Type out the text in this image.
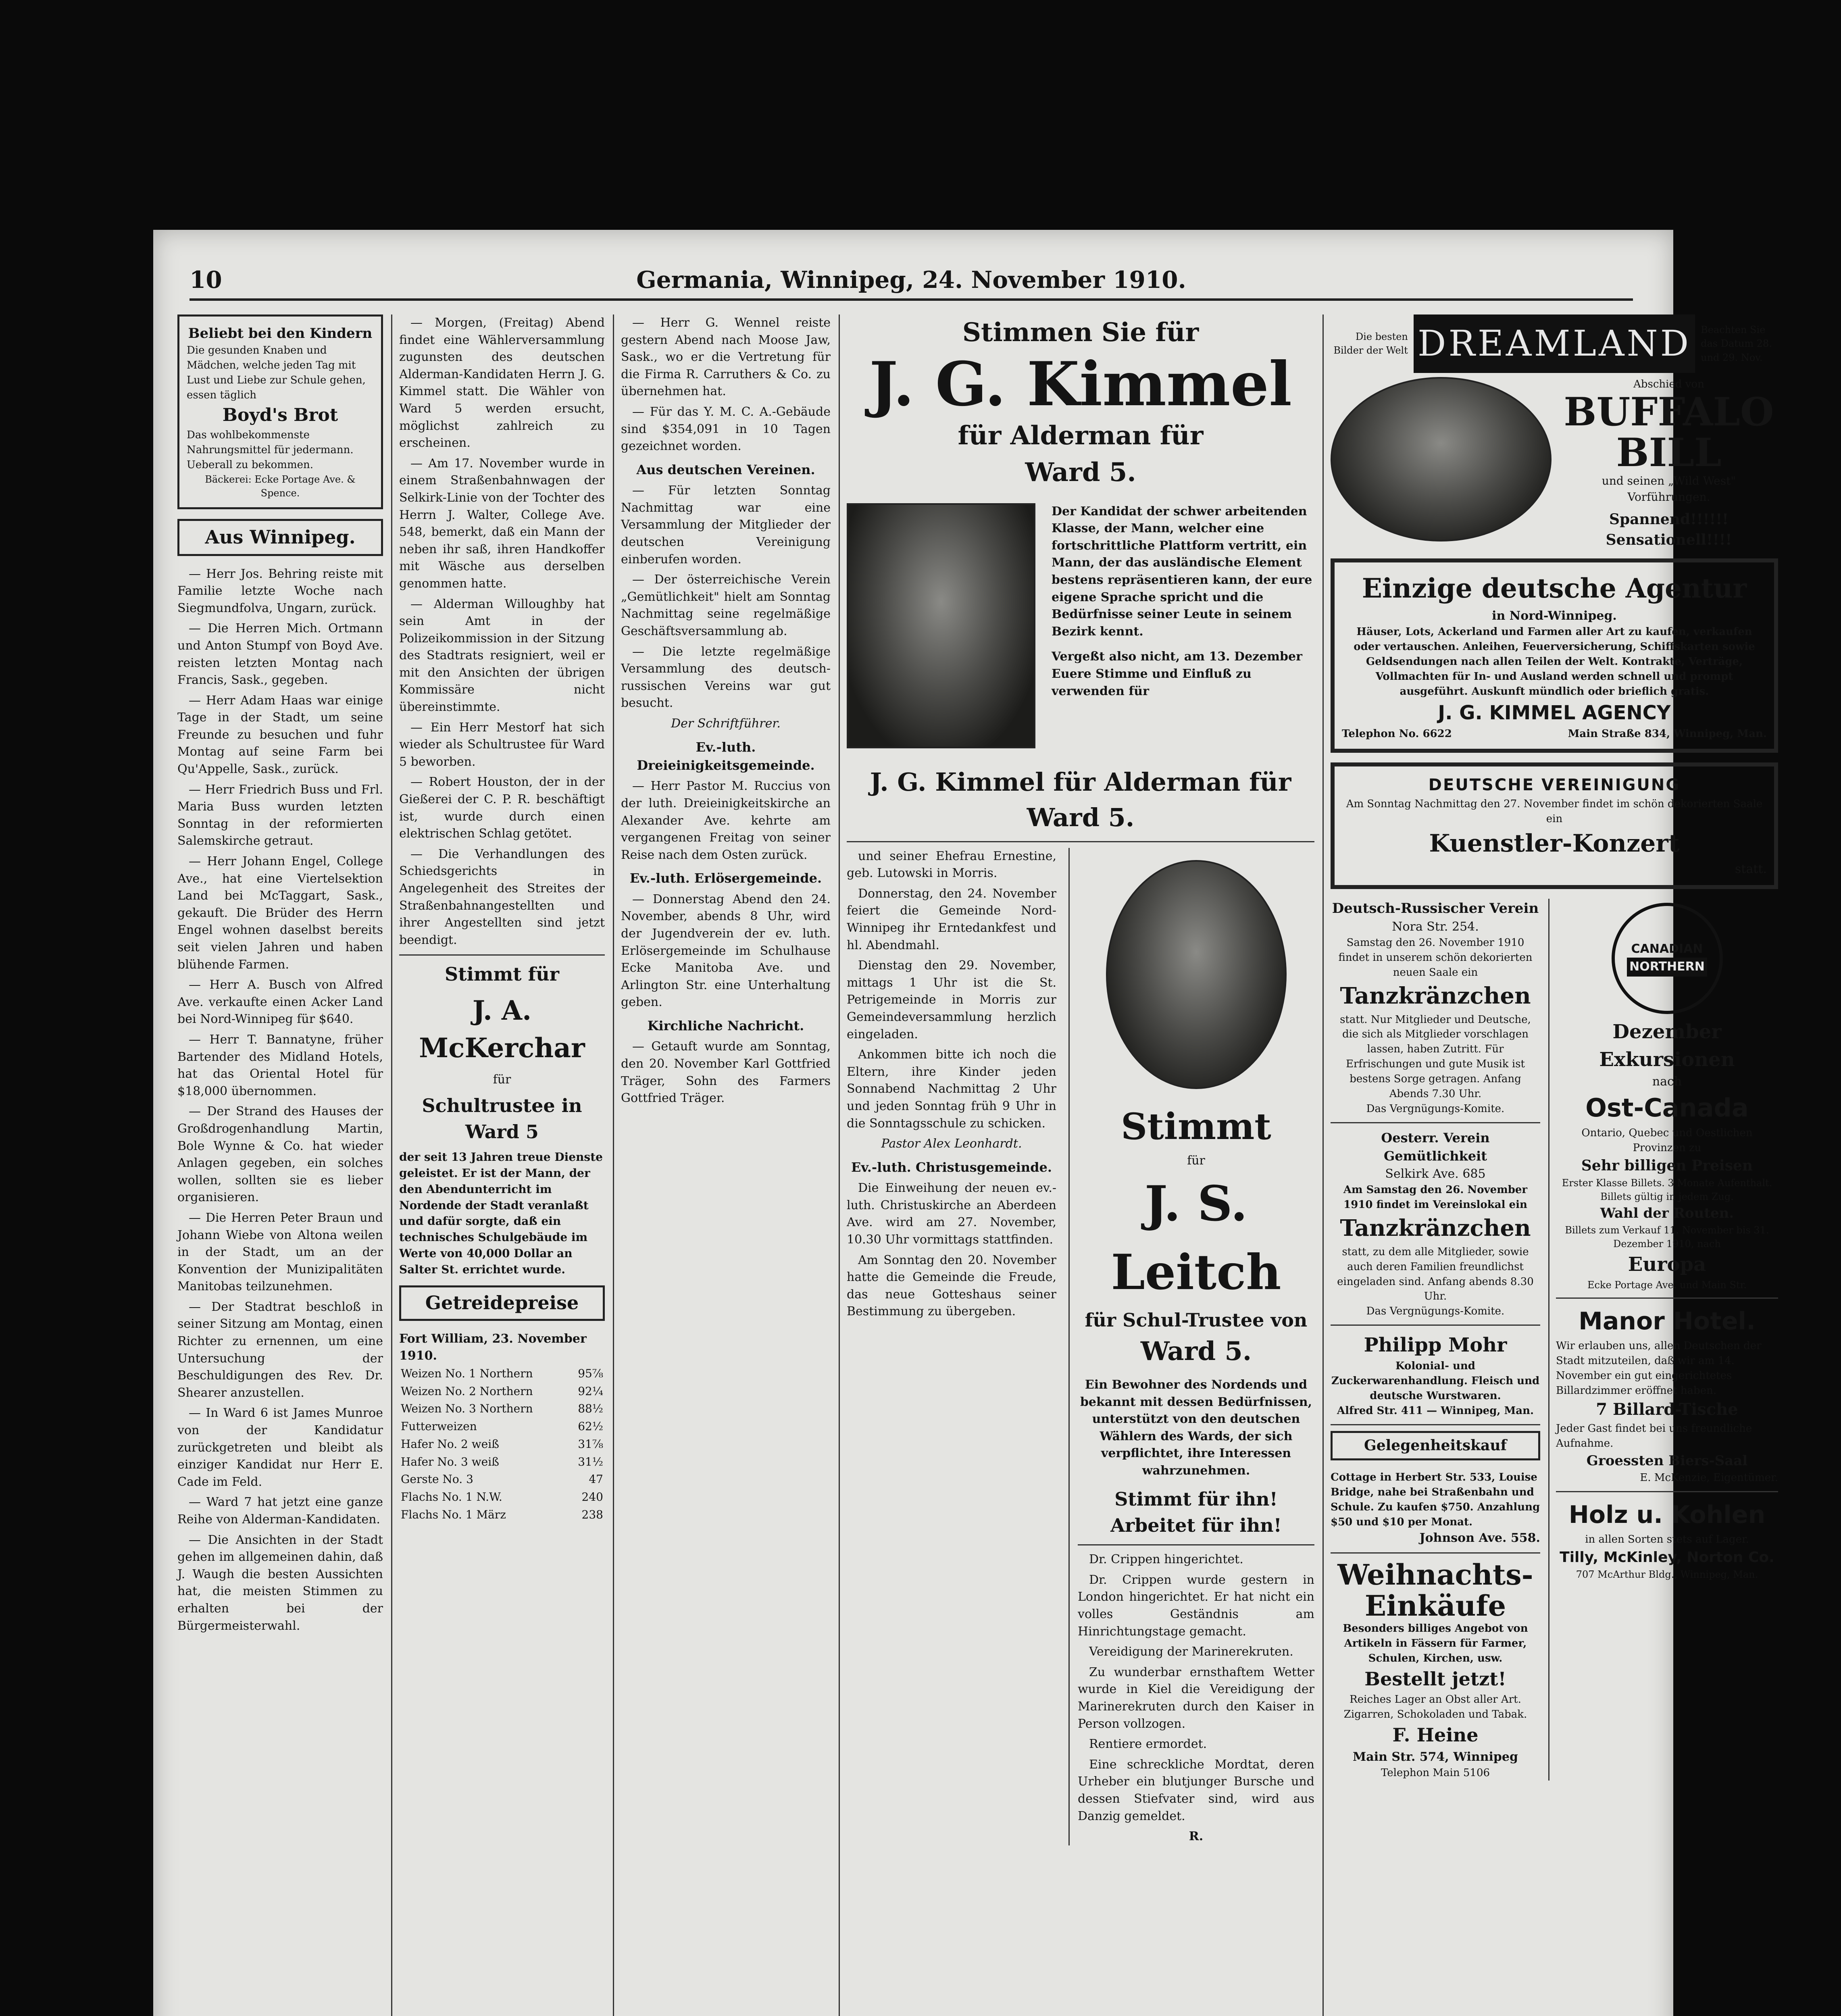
10	Germania, Winnipeg, 24. November 1910.
Beliebt bei den Kindern
Die gesunden Knaben und Mädchen, welche jeden Tag mit Lust und Liebe zur Schule gehen, essen täglich
Boyd's Brot
Das wohlbekommenste Nahrungsmittel für jedermann. Ueberall zu bekommen.
Bäckerei: Ecke Portage Ave. & Spence.
Aus Winnipeg.

— Herr Jos. Behring reiste mit Familie letzte Woche nach Siegmundfolva, Ungarn, zurück.

— Die Herren Mich. Ortmann und Anton Stumpf von Boyd Ave. reisten letzten Montag nach Francis, Sask., gegeben.

— Herr Adam Haas war einige Tage in der Stadt, um seine Freunde zu besuchen und fuhr Montag auf seine Farm bei Qu'Appelle, Sask., zurück.

— Herr Friedrich Buss und Frl. Maria Buss wurden letzten Sonntag in der reformierten Salemskirche getraut.

— Herr Johann Engel, College Ave., hat eine Viertelsektion Land bei McTaggart, Sask., gekauft. Die Brüder des Herrn Engel wohnen daselbst bereits seit vielen Jahren und haben blühende Farmen.

— Herr A. Busch von Alfred Ave. verkaufte einen Acker Land bei Nord-Winnipeg für $640.

— Herr T. Bannatyne, früher Bartender des Midland Hotels, hat das Oriental Hotel für $18,000 übernommen.

— Der Strand des Hauses der Großdrogenhandlung Martin, Bole Wynne & Co. hat wieder Anlagen gegeben, ein solches wollen, sollten sie es lieber organisieren.

— Die Herren Peter Braun und Johann Wiebe von Altona weilen in der Stadt, um an der Konvention der Munizipalitäten Manitobas teilzunehmen.

— Der Stadtrat beschloß in seiner Sitzung am Montag, einen Richter zu ernennen, um eine Untersuchung der Beschuldigungen des Rev. Dr. Shearer anzustellen.

— In Ward 6 ist James Munroe von der Kandidatur zurückgetreten und bleibt als einziger Kandidat nur Herr E. Cade im Feld.

— Ward 7 hat jetzt eine ganze Reihe von Alderman-Kandidaten.

— Die Ansichten in der Stadt gehen im allgemeinen dahin, daß J. Waugh die besten Aussichten hat, die meisten Stimmen zu erhalten bei der Bürgermeisterwahl.

— Morgen, (Freitag) Abend findet eine Wählerversammlung zugunsten des deutschen Alderman-Kandidaten Herrn J. G. Kimmel statt. Die Wähler von Ward 5 werden ersucht, möglichst zahlreich zu erscheinen.

— Am 17. November wurde in einem Straßenbahnwagen der Selkirk-Linie von der Tochter des Herrn J. Walter, College Ave. 548, bemerkt, daß ein Mann der neben ihr saß, ihren Handkoffer mit Wäsche aus derselben genommen hatte.

— Alderman Willoughby hat sein Amt in der Polizeikommission in der Sitzung des Stadtrats resigniert, weil er mit den Ansichten der übrigen Kommissäre nicht übereinstimmte.

— Ein Herr Mestorf hat sich wieder als Schultrustee für Ward 5 beworben.

— Robert Houston, der in der Gießerei der C. P. R. beschäftigt ist, wurde durch einen elektrischen Schlag getötet.

— Die Verhandlungen des Schiedsgerichts in Angelegenheit des Streites der Straßenbahnangestellten und ihrer Angestellten sind jetzt beendigt.

Stimmt für
J. A. McKerchar
für
Schultrustee in Ward 5
der seit 13 Jahren treue Dienste geleistet. Er ist der Mann, der den Abendunterricht im Nordende der Stadt veranlaßt und dafür sorgte, daß ein technisches Schulgebäude im Werte von 40,000 Dollar an Salter St. errichtet wurde.
Getreidepreise
Fort William, 23. November 1910.
Weizen No. 1 Northern	95⅞
Weizen No. 2 Northern	92¼
Weizen No. 3 Northern	88½
Futterweizen	62½
Hafer No. 2 weiß	31⅞
Hafer No. 3 weiß	31½
Gerste No. 3	47
Flachs No. 1 N.W.	240
Flachs No. 1 März	238

— Herr G. Wennel reiste gestern Abend nach Moose Jaw, Sask., wo er die Vertretung für die Firma R. Carruthers & Co. zu übernehmen hat.

— Für das Y. M. C. A.-Gebäude sind $354,091 in 10 Tagen gezeichnet worden.

Aus deutschen Vereinen.

— Für letzten Sonntag Nachmittag war eine Versammlung der Mitglieder der deutschen Vereinigung einberufen worden.

— Der österreichische Verein „Gemütlichkeit" hielt am Sonntag Nachmittag seine regelmäßige Geschäftsversammlung ab.

— Die letzte regelmäßige Versammlung des deutsch-russischen Vereins war gut besucht.

Der Schriftführer.
Ev.-luth. Dreieinigkeitsgemeinde.

— Herr Pastor M. Ruccius von der luth. Dreieinigkeitskirche an Alexander Ave. kehrte am vergangenen Freitag von seiner Reise nach dem Osten zurück.

Ev.-luth. Erlösergemeinde.

— Donnerstag Abend den 24. November, abends 8 Uhr, wird der Jugendverein der ev. luth. Erlösergemeinde im Schulhause Ecke Manitoba Ave. und Arlington Str. eine Unterhaltung geben.

Kirchliche Nachricht.

— Getauft wurde am Sonntag, den 20. November Karl Gottfried Träger, Sohn des Farmers Gottfried Träger.

Stimmen Sie für
J. G. Kimmel
für Alderman für
Ward 5.
Der Kandidat der schwer arbeitenden Klasse, der Mann, welcher eine fortschrittliche Plattform vertritt, ein Mann, der das ausländische Element bestens repräsentieren kann, der eure eigene Sprache spricht und die Bedürfnisse seiner Leute in seinem Bezirk kennt.
Vergeßt also nicht, am 13. Dezember Euere Stimme und Einfluß zu verwenden für
J. G. Kimmel für Alderman für Ward 5.

und seiner Ehefrau Ernestine, geb. Lutowski in Morris.

Donnerstag, den 24. November feiert die Gemeinde Nord-Winnipeg ihr Erntedankfest und hl. Abendmahl.

Dienstag den 29. November, mittags 1 Uhr ist die St. Petrigemeinde in Morris zur Gemeindeversammlung herzlich eingeladen.

Ankommen bitte ich noch die Eltern, ihre Kinder jeden Sonnabend Nachmittag 2 Uhr und jeden Sonntag früh 9 Uhr in die Sonntagsschule zu schicken.

Pastor Alex Leonhardt.
Ev.-luth. Christusgemeinde.

Die Einweihung der neuen ev.-luth. Christuskirche an Aberdeen Ave. wird am 27. November, 10.30 Uhr vormittags stattfinden.

Am Sonntag den 20. November hatte die Gemeinde die Freude, das neue Gotteshaus seiner Bestimmung zu übergeben.

Stimmt
für
J. S. Leitch
für Schul-Trustee von
Ward 5.
Ein Bewohner des Nordends und bekannt mit dessen Bedürfnissen, unterstützt von den deutschen Wählern des Wards, der sich verpflichtet, ihre Interessen wahrzunehmen.
Stimmt für ihn!
Arbeitet für ihn!

Dr. Crippen hingerichtet.

Dr. Crippen wurde gestern in London hingerichtet. Er hat nicht ein volles Geständnis am Hinrichtungstage gemacht.

Vereidigung der Marinerekruten.

Zu wunderbar ernsthaftem Wetter wurde in Kiel die Vereidigung der Marinerekruten durch den Kaiser in Person vollzogen.

Rentiere ermordet.

Eine schreckliche Mordtat, deren Urheber ein blutjunger Bursche und dessen Stiefvater sind, wird aus Danzig gemeldet.

R.
Die besten Bilder der Welt DREAMLAND	Beachten Sie das Datum 28. und 29. Nov.
Abschied von
BUFFALO BILL
und seinen „Wild West" Vorführungen.
Spannend!!!!!!
Sensationell!!!!
Einzige deutsche Agentur
in Nord-Winnipeg.
Häuser, Lots, Ackerland und Farmen aller Art zu kaufen, verkaufen oder vertauschen. Anleihen, Feuerversicherung, Schiffskarten sowie Geldsendungen nach allen Teilen der Welt. Kontrakte, Verträge, Vollmachten für In- und Ausland werden schnell und prompt ausgeführt. Auskunft mündlich oder brieflich gratis.
J. G. KIMMEL AGENCY
Telephon No. 6622	Main Straße 834, Winnipeg, Man.
DEUTSCHE VEREINIGUNG
Am Sonntag Nachmittag den 27. November findet im schön dekorierten Saale ein
Kuenstler-Konzert
statt.
Deutsch-Russischer Verein
Nora Str. 254.
Samstag den 26. November 1910 findet in unserem schön dekorierten neuen Saale ein
Tanzkränzchen
statt. Nur Mitglieder und Deutsche, die sich als Mitglieder vorschlagen lassen, haben Zutritt. Für Erfrischungen und gute Musik ist bestens Sorge getragen. Anfang Abends 7.30 Uhr.
Das Vergnügungs-Komite.
Oesterr. Verein Gemütlichkeit
Selkirk Ave. 685
Am Samstag den 26. November 1910 findet im Vereinslokal ein
Tanzkränzchen
statt, zu dem alle Mitglieder, sowie auch deren Familien freundlichst eingeladen sind. Anfang abends 8.30 Uhr.
Das Vergnügungs-Komite.
Philipp Mohr
Kolonial- und Zuckerwarenhandlung. Fleisch und deutsche Wurstwaren.
Alfred Str. 411 — Winnipeg, Man.
Gelegenheitskauf
Cottage in Herbert Str. 533, Louise Bridge, nahe bei Straßenbahn und Schule. Zu kaufen $750. Anzahlung $50 und $10 per Monat.
Johnson Ave. 558.
Weihnachts-Einkäufe
Besonders billiges Angebot von Artikeln in Fässern für Farmer, Schulen, Kirchen, usw.
Bestellt jetzt!
Reiches Lager an Obst aller Art. Zigarren, Schokoladen und Tabak.
F. Heine
Main Str. 574, Winnipeg
Telephon Main 5106
CANADIAN
NORTHERN
Dezember Exkursionen
nach
Ost-Canada
Ontario, Quebec und Oestlichen Provinzen zu
Sehr billigen Preisen
Erster Klasse Billets. 3 Monate Aufenthalt. Billets gültig in jedem Zug.
Wahl der Routen.
Billets zum Verkauf 11. November bis 31. Dezember 1910, nach
Europa
Ecke Portage Ave. und Main Str.
Manor Hotel.
Wir erlauben uns, allen Deutschen der Stadt mitzuteilen, daß wir am 14. November ein gut eingerichtetes Billardzimmer eröffnet haben.
7 Billard-Tische
Jeder Gast findet bei uns freundliche Aufnahme.
Groessten Biers-Saal
E. McKenzie, Eigentümer.
Holz u. Kohlen
in allen Sorten stets auf Lager.
Tilly, McKinley, Norton Co.
707 McArthur Bldg., Winnipeg, Man.
